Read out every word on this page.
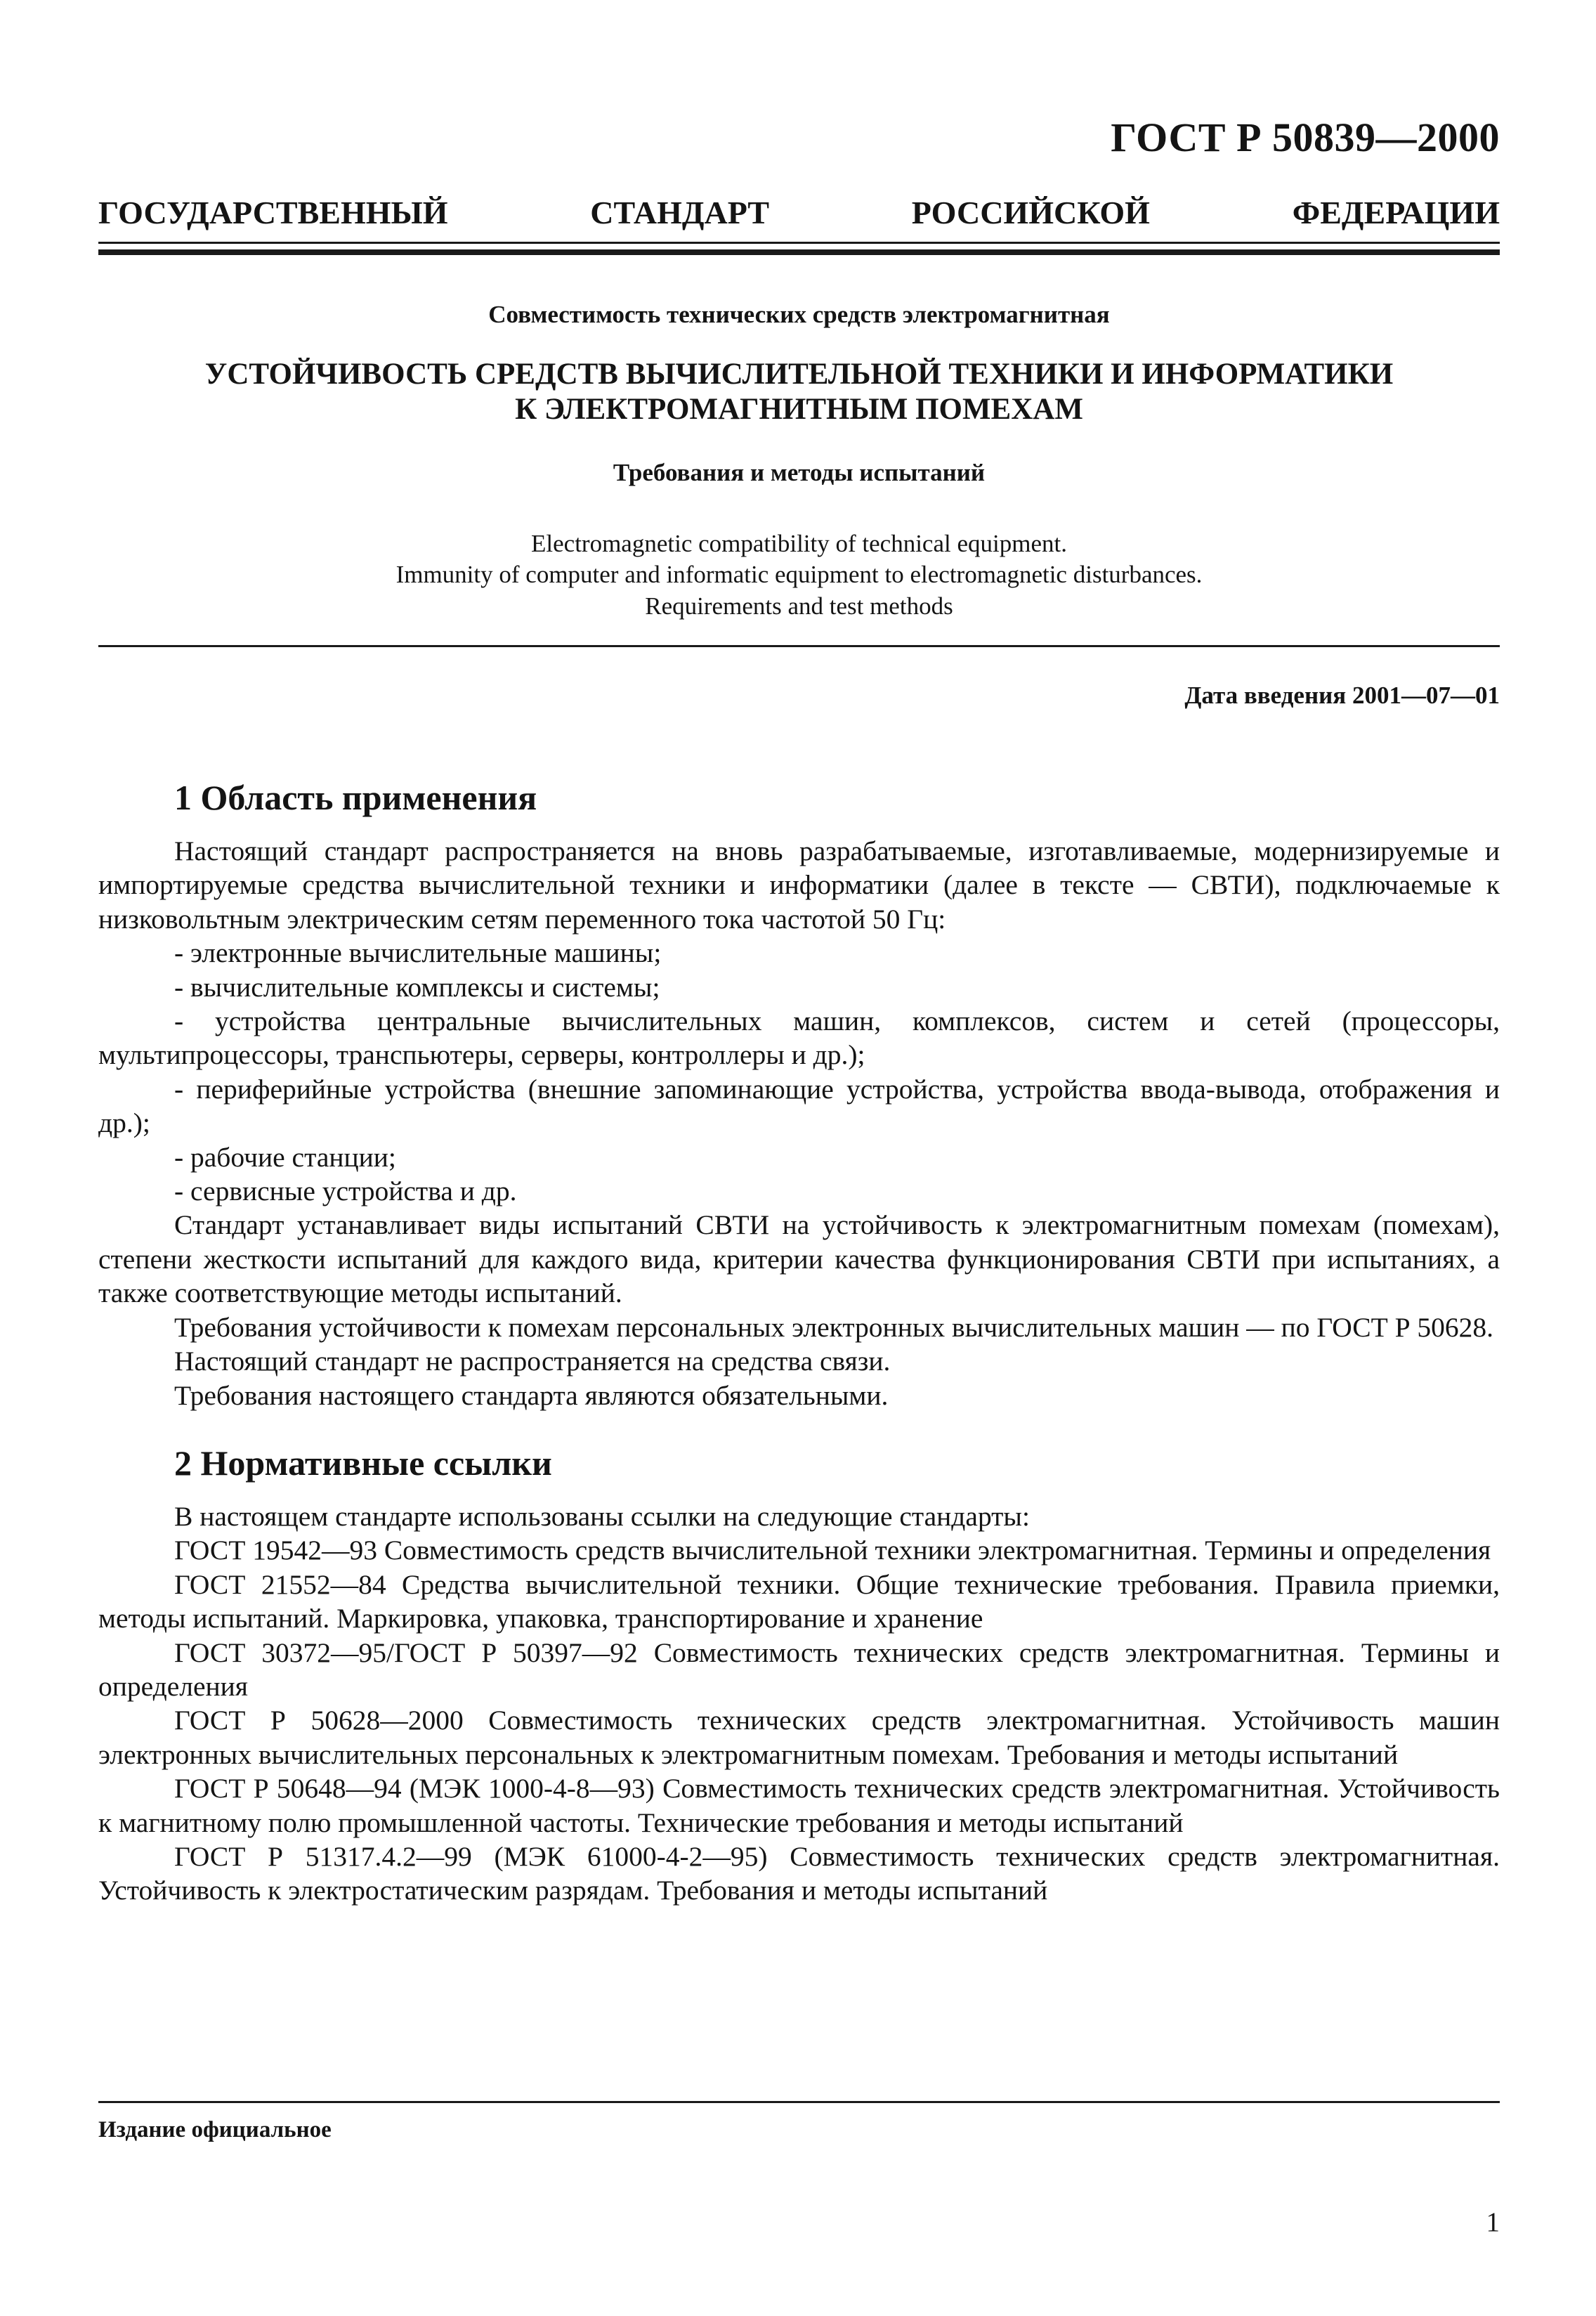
ГОСТ Р 50839—2000

ГОСУДАРСТВЕННЫЙ	СТАНДАРТ	РОССИЙСКОЙ	ФЕДЕРАЦИИ

Совместимость технических средств электромагнитная

УСТОЙЧИВОСТЬ СРЕДСТВ ВЫЧИСЛИТЕЛЬНОЙ ТЕХНИКИ И ИНФОРМАТИКИ
К ЭЛЕКТРОМАГНИТНЫМ ПОМЕХАМ

Требования и методы испытаний

Electromagnetic compatibility of technical equipment.
Immunity of computer and informatic equipment to electromagnetic disturbances.
Requirements and test methods

Дата введения 2001—07—01

1 Область применения

Настоящий стандарт распространяется на вновь разрабатываемые, изготавливаемые, модернизируемые и импортируемые средства вычислительной техники и информатики (далее в тексте — СВТИ), подключаемые к низковольтным электрическим сетям переменного тока частотой 50 Гц:

- электронные вычислительные машины;

- вычислительные комплексы и системы;

- устройства центральные вычислительных машин, комплексов, систем и сетей (процессоры, мультипроцессоры, транспьютеры, серверы, контроллеры и др.);

- периферийные устройства (внешние запоминающие устройства, устройства ввода-вывода, отображения и др.);

- рабочие станции;

- сервисные устройства и др.

Стандарт устанавливает виды испытаний СВТИ на устойчивость к электромагнитным помехам (помехам), степени жесткости испытаний для каждого вида, критерии качества функционирования СВТИ при испытаниях, а также соответствующие методы испытаний.

Требования устойчивости к помехам персональных электронных вычислительных машин — по ГОСТ Р 50628.

Настоящий стандарт не распространяется на средства связи.

Требования настоящего стандарта являются обязательными.

2 Нормативные ссылки

В настоящем стандарте использованы ссылки на следующие стандарты:

ГОСТ 19542—93 Совместимость средств вычислительной техники электромагнитная. Термины и определения

ГОСТ 21552—84 Средства вычислительной техники. Общие технические требования. Правила приемки, методы испытаний. Маркировка, упаковка, транспортирование и хранение

ГОСТ 30372—95/ГОСТ Р 50397—92 Совместимость технических средств электромагнитная. Термины и определения

ГОСТ Р 50628—2000 Совместимость технических средств электромагнитная. Устойчивость машин электронных вычислительных персональных к электромагнитным помехам. Требования и методы испытаний

ГОСТ Р 50648—94 (МЭК 1000-4-8—93) Совместимость технических средств электромагнитная. Устойчивость к магнитному полю промышленной частоты. Технические требования и методы испытаний

ГОСТ Р 51317.4.2—99 (МЭК 61000-4-2—95) Совместимость технических средств электромагнитная. Устойчивость к электростатическим разрядам. Требования и методы испытаний

Издание официальное

1
